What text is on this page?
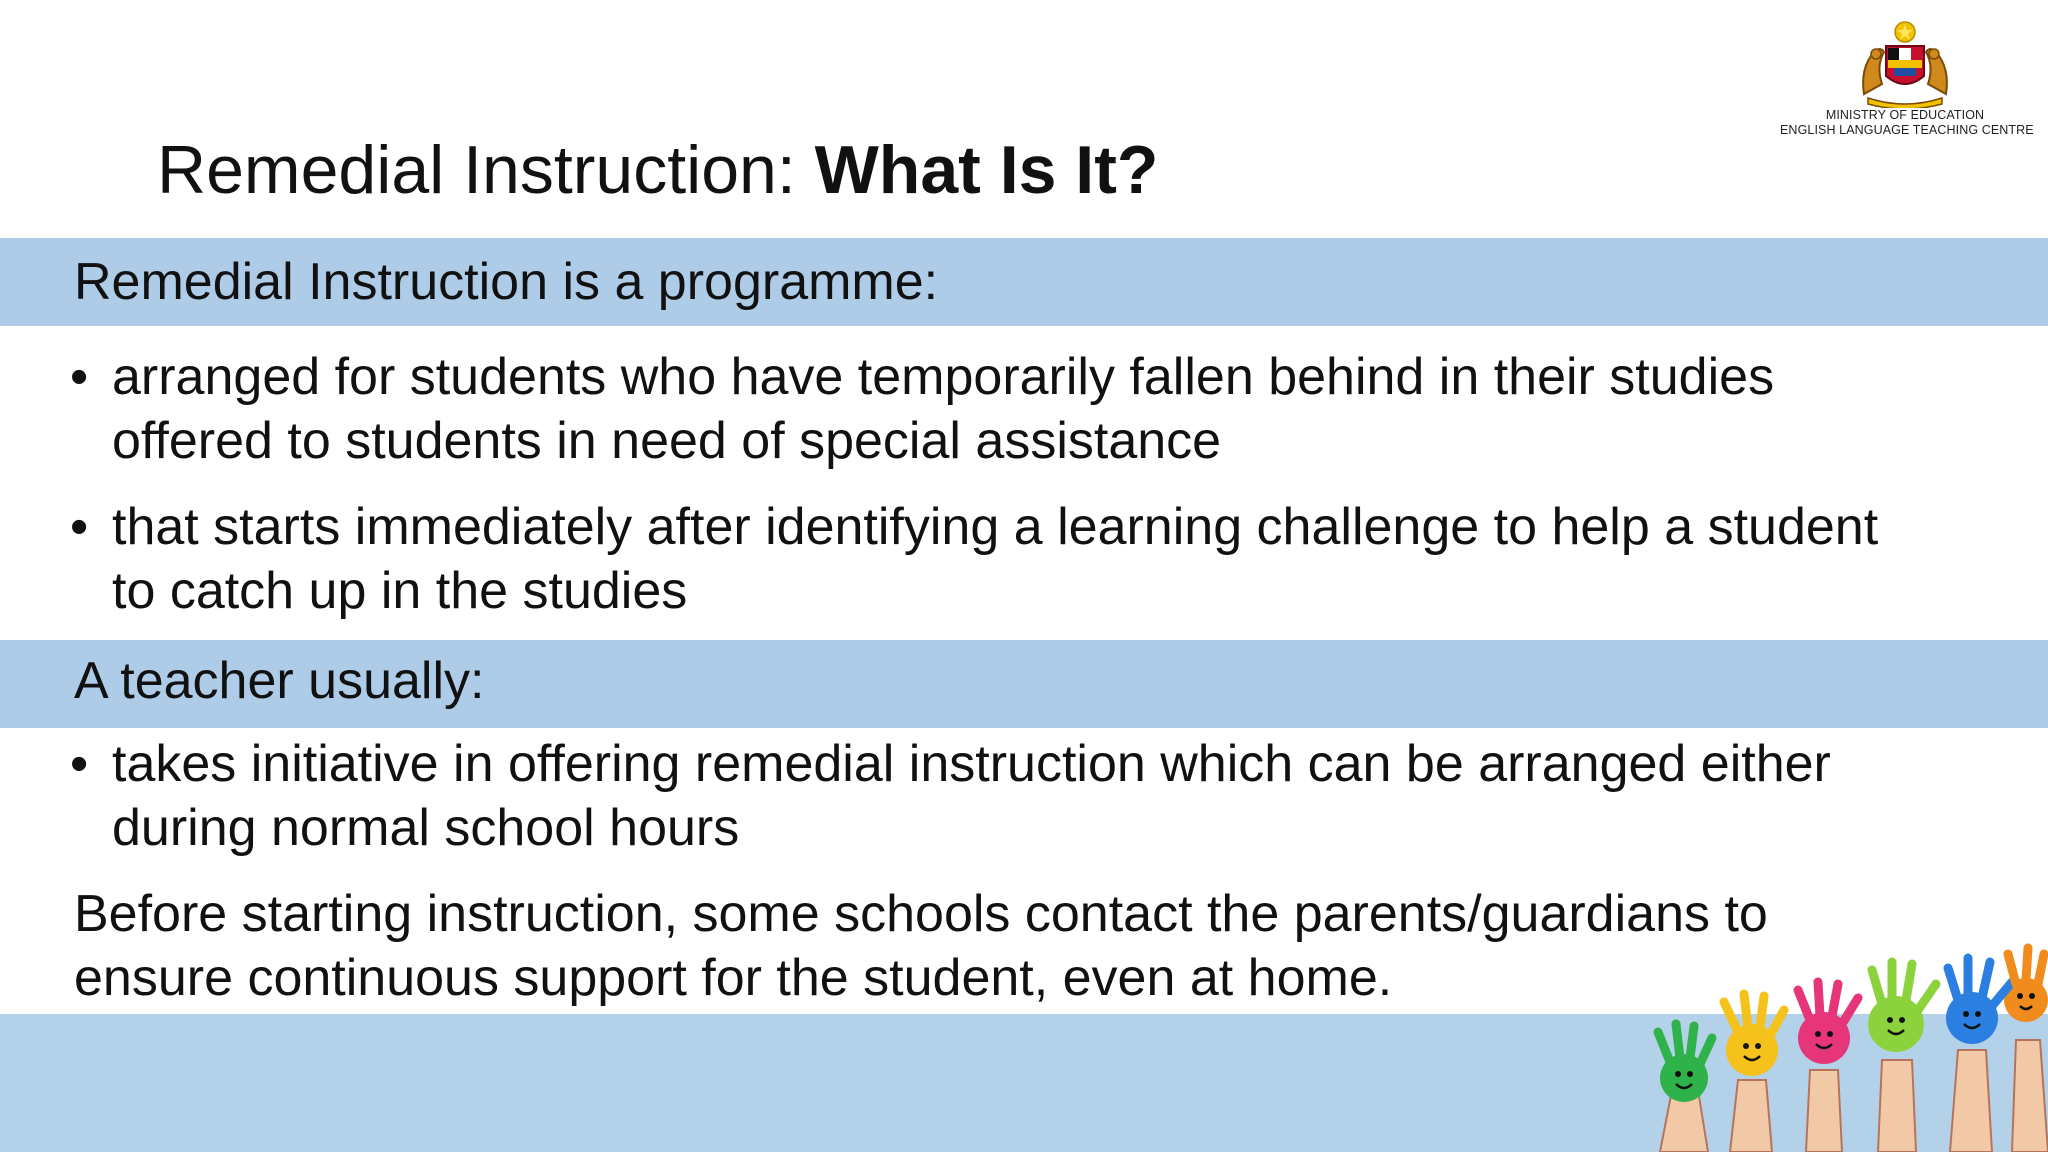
Remedial Instruction: What Is It?
MINISTRY OF EDUCATION
ENGLISH LANGUAGE TEACHING CENTRE
Remedial Instruction is a programme:
• arranged for students who have temporarily fallen behind in their studies
offered to students in need of special assistance
• that starts immediately after identifying a learning challenge to help a student
to catch up in the studies
A teacher usually:
• takes initiative in offering remedial instruction which can be arranged either
during normal school hours
Before starting instruction, some schools contact the parents/guardians to
ensure continuous support for the student, even at home.
